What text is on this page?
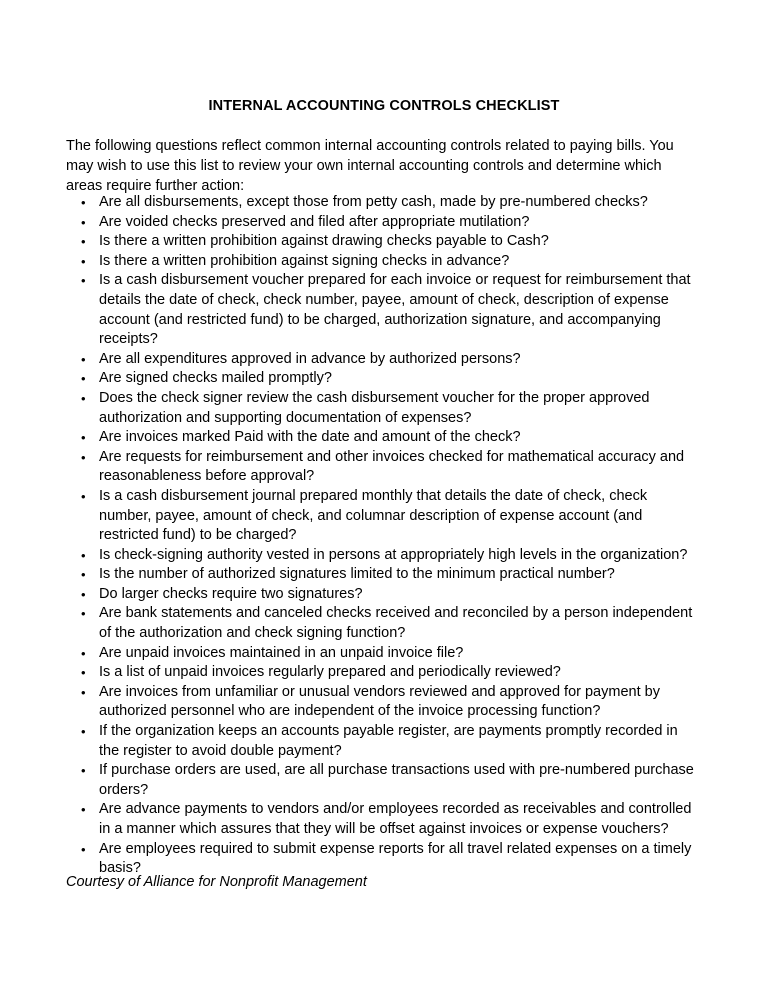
INTERNAL ACCOUNTING CONTROLS CHECKLIST

The following questions reflect common internal accounting controls related to paying bills. You may wish to use this list to review your own internal accounting controls and determine which areas require further action:

• Are all disbursements, except those from petty cash, made by pre-numbered checks?
• Are voided checks preserved and filed after appropriate mutilation?
• Is there a written prohibition against drawing checks payable to Cash?
• Is there a written prohibition against signing checks in advance?
• Is a cash disbursement voucher prepared for each invoice or request for reimbursement that details the date of check, check number, payee, amount of check, description of expense account (and restricted fund) to be charged, authorization signature, and accompanying receipts?
• Are all expenditures approved in advance by authorized persons?
• Are signed checks mailed promptly?
• Does the check signer review the cash disbursement voucher for the proper approved authorization and supporting documentation of expenses?
• Are invoices marked Paid with the date and amount of the check?
• Are requests for reimbursement and other invoices checked for mathematical accuracy and reasonableness before approval?
• Is a cash disbursement journal prepared monthly that details the date of check, check number, payee, amount of check, and columnar description of expense account (and restricted fund) to be charged?
• Is check-signing authority vested in persons at appropriately high levels in the organization?
• Is the number of authorized signatures limited to the minimum practical number?
• Do larger checks require two signatures?
• Are bank statements and canceled checks received and reconciled by a person independent of the authorization and check signing function?
• Are unpaid invoices maintained in an unpaid invoice file?
• Is a list of unpaid invoices regularly prepared and periodically reviewed?
• Are invoices from unfamiliar or unusual vendors reviewed and approved for payment by authorized personnel who are independent of the invoice processing function?
• If the organization keeps an accounts payable register, are payments promptly recorded in the register to avoid double payment?
• If purchase orders are used, are all purchase transactions used with pre-numbered purchase orders?
• Are advance payments to vendors and/or employees recorded as receivables and controlled in a manner which assures that they will be offset against invoices or expense vouchers?
• Are employees required to submit expense reports for all travel related expenses on a timely basis?
Courtesy of Alliance for Nonprofit Management
